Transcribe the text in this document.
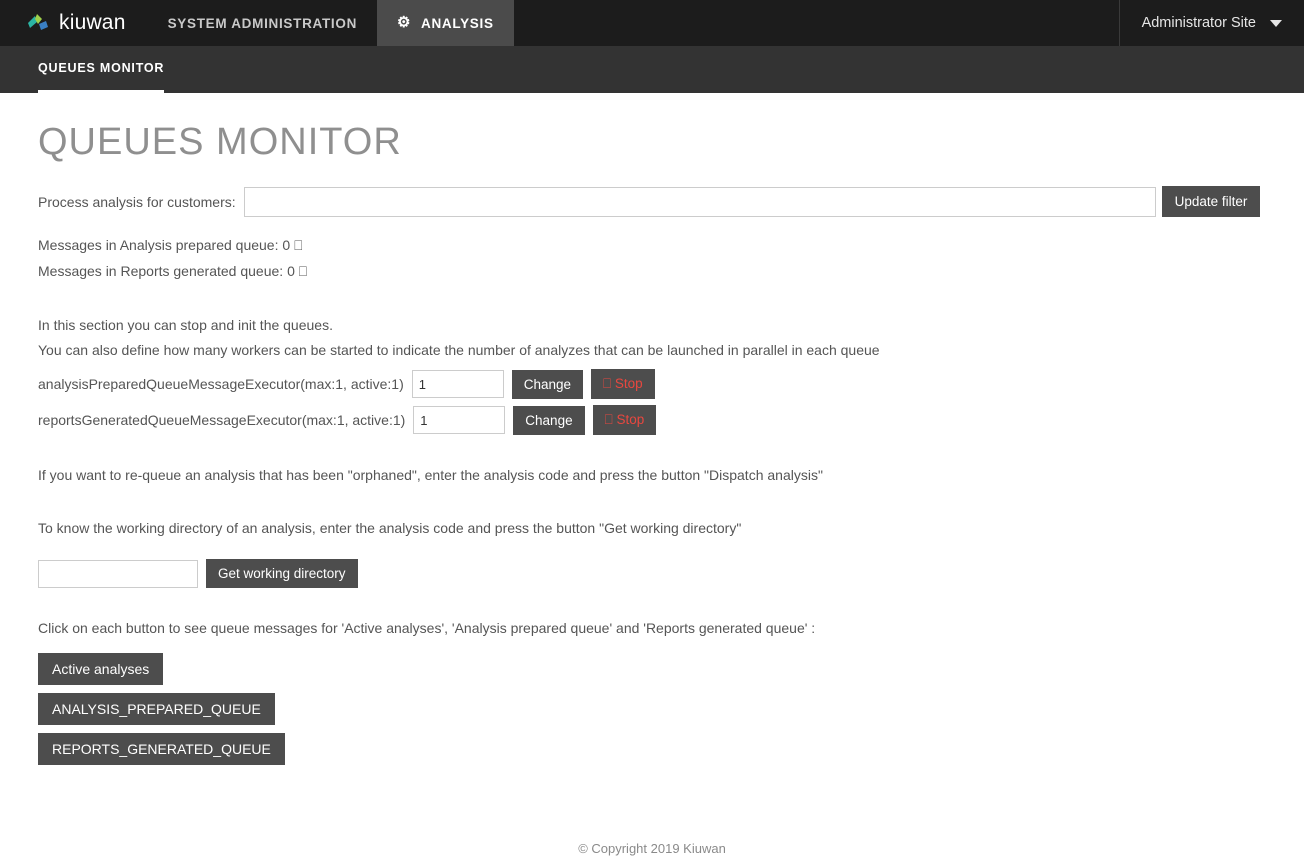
kiuwan	SYSTEM ADMINISTRATION	⚙ ANALYSIS	Administrator Site
QUEUES MONITOR
QUEUES MONITOR
Process analysis for customers:	Update filter
Messages in Analysis prepared queue: 0 ⎕
Messages in Reports generated queue: 0 ⎕
In this section you can stop and init the queues.
You can also define how many workers can be started to indicate the number of analyzes that can be launched in parallel in each queue
analysisPreparedQueueMessageExecutor(max:1, active:1)
1	Change	⎕ Stop
reportsGeneratedQueueMessageExecutor(max:1, active:1)
1	Change	⎕ Stop
If you want to re-queue an analysis that has been "orphaned", enter the analysis code and press the button "Dispatch analysis"
To know the working directory of an analysis, enter the analysis code and press the button "Get working directory"
Get working directory
Click on each button to see queue messages for 'Active analyses', 'Analysis prepared queue' and 'Reports generated queue' :
Active analyses
ANALYSIS_PREPARED_QUEUE
REPORTS_GENERATED_QUEUE
© Copyright 2019 Kiuwan
